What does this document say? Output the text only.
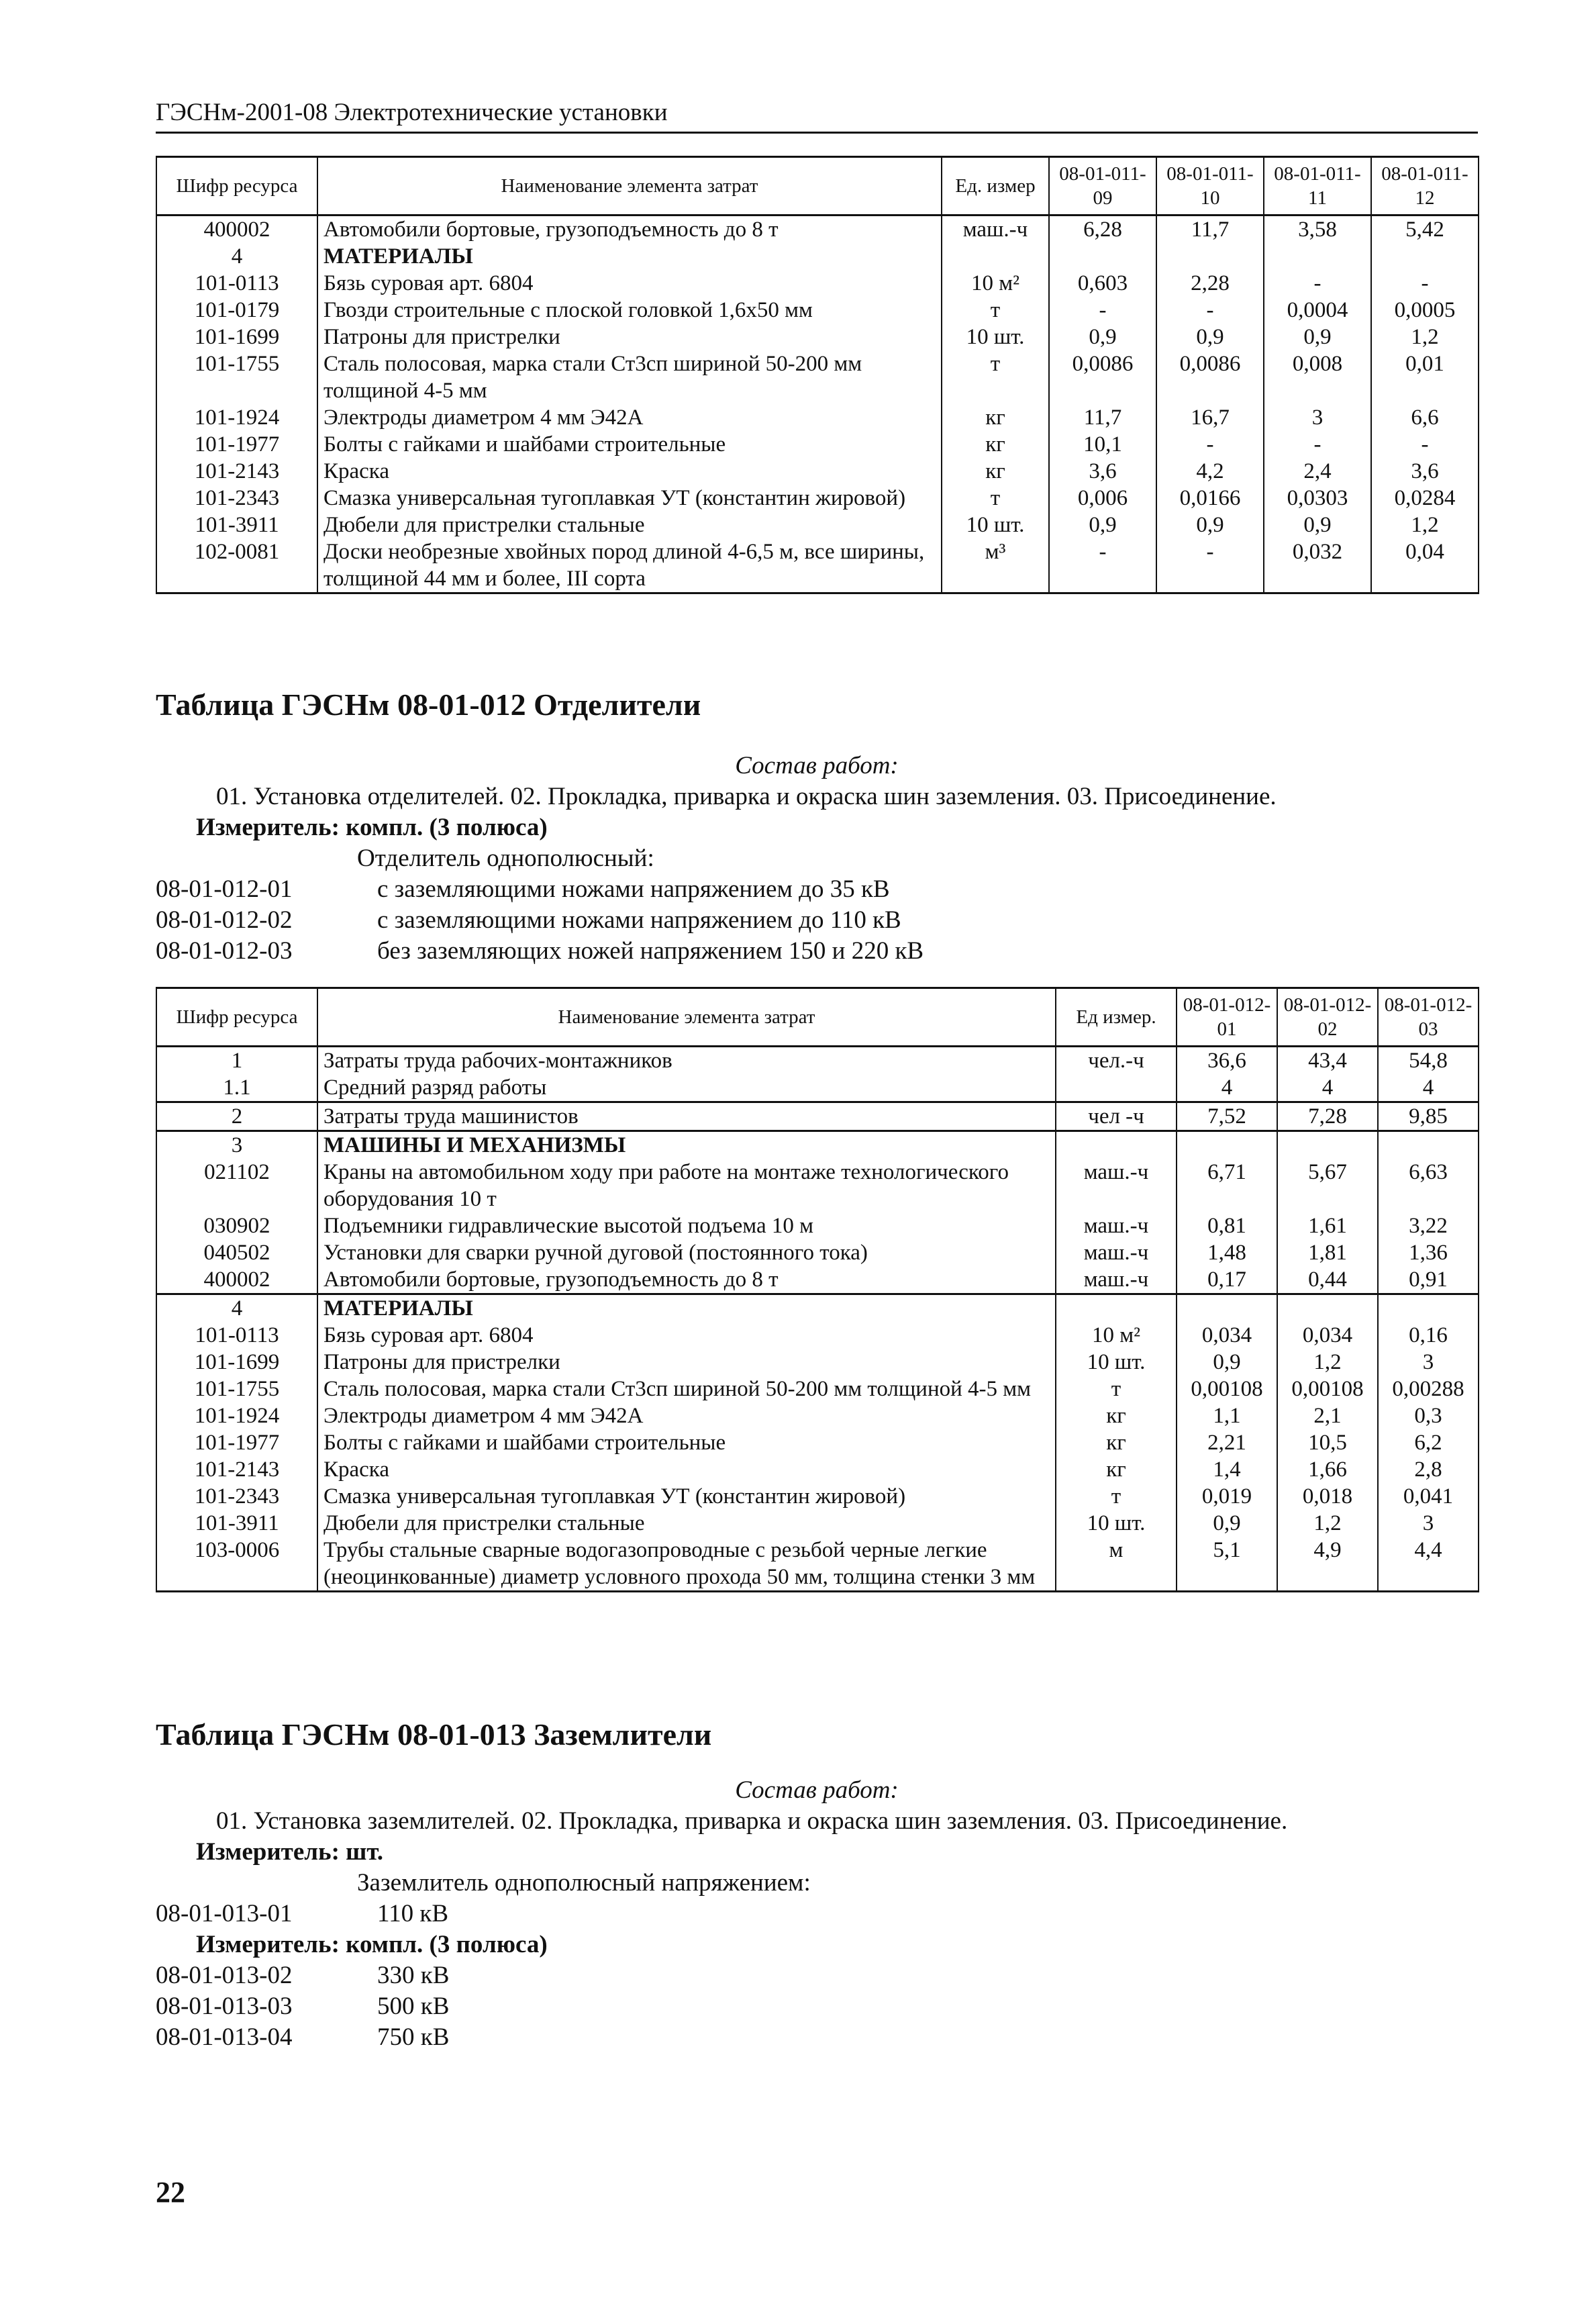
ГЭСНм-2001-08 Электротехнические установки
Шифр ресурса	Наименование элемента затрат	Ед. измер	08-01-011-09	08-01-011-10	08-01-011-11	08-01-011-12
400002	Автомобили бортовые, грузоподъемность до 8 т	маш.-ч	6,28	11,7	3,58	5,42
4	МАТЕРИАЛЫ					
101-0113	Бязь суровая арт. 6804	10 м²	0,603	2,28	-	-
101-0179	Гвозди строительные с плоской головкой 1,6х50 мм	т	-	-	0,0004	0,0005
101-1699	Патроны для пристрелки	10 шт.	0,9	0,9	0,9	1,2
101-1755	Сталь полосовая, марка стали Ст3сп шириной 50-200 мм толщиной 4-5 мм	т	0,0086	0,0086	0,008	0,01
101-1924	Электроды диаметром 4 мм Э42А	кг	11,7	16,7	3	6,6
101-1977	Болты с гайками и шайбами строительные	кг	10,1	-	-	-
101-2143	Краска	кг	3,6	4,2	2,4	3,6
101-2343	Смазка универсальная тугоплавкая УТ (константин жировой)	т	0,006	0,0166	0,0303	0,0284
101-3911	Дюбели для пристрелки стальные	10 шт.	0,9	0,9	0,9	1,2
102-0081	Доски необрезные хвойных пород длиной 4-6,5 м, все ширины, толщиной 44 мм и более, III сорта	м³	-	-	0,032	0,04
Таблица ГЭСНм 08-01-012 Отделители
Состав работ:
01. Установка отделителей. 02. Прокладка, приварка и окраска шин заземления. 03. Присоединение.
Измеритель: компл. (3 полюса)
Отделитель однополюсный:
08-01-012-01	с заземляющими ножами напряжением до 35 кВ
08-01-012-02	с заземляющими ножами напряжением до 110 кВ
08-01-012-03	без заземляющих ножей напряжением 150 и 220 кВ
Шифр ресурса	Наименование элемента затрат	Ед измер.	08-01-012-01	08-01-012-02	08-01-012-03
1	Затраты труда рабочих-монтажников	чел.-ч	36,6	43,4	54,8
1.1	Средний разряд работы		4	4	4
2	Затраты труда машинистов	чел -ч	7,52	7,28	9,85
3	МАШИНЫ И МЕХАНИЗМЫ				
021102	Краны на автомобильном ходу при работе на монтаже технологического оборудования 10 т	маш.-ч	6,71	5,67	6,63
030902	Подъемники гидравлические высотой подъема 10 м	маш.-ч	0,81	1,61	3,22
040502	Установки для сварки ручной дуговой (постоянного тока)	маш.-ч	1,48	1,81	1,36
400002	Автомобили бортовые, грузоподъемность до 8 т	маш.-ч	0,17	0,44	0,91
4	МАТЕРИАЛЫ				
101-0113	Бязь суровая арт. 6804	10 м²	0,034	0,034	0,16
101-1699	Патроны для пристрелки	10 шт.	0,9	1,2	3
101-1755	Сталь полосовая, марка стали Ст3сп шириной 50-200 мм толщиной 4-5 мм	т	0,00108	0,00108	0,00288
101-1924	Электроды диаметром 4 мм Э42А	кг	1,1	2,1	0,3
101-1977	Болты с гайками и шайбами строительные	кг	2,21	10,5	6,2
101-2143	Краска	кг	1,4	1,66	2,8
101-2343	Смазка универсальная тугоплавкая УТ (константин жировой)	т	0,019	0,018	0,041
101-3911	Дюбели для пристрелки стальные	10 шт.	0,9	1,2	3
103-0006	Трубы стальные сварные водогазопроводные с резьбой черные легкие (неоцинкованные) диаметр условного прохода 50 мм, толщина стенки 3 мм	м	5,1	4,9	4,4
Таблица ГЭСНм 08-01-013 Заземлители
Состав работ:
01. Установка заземлителей. 02. Прокладка, приварка и окраска шин заземления. 03. Присоединение.
Измеритель: шт.
Заземлитель однополюсный напряжением:
08-01-013-01	110 кВ
Измеритель: компл. (3 полюса)
08-01-013-02	330 кВ
08-01-013-03	500 кВ
08-01-013-04	750 кВ
22
